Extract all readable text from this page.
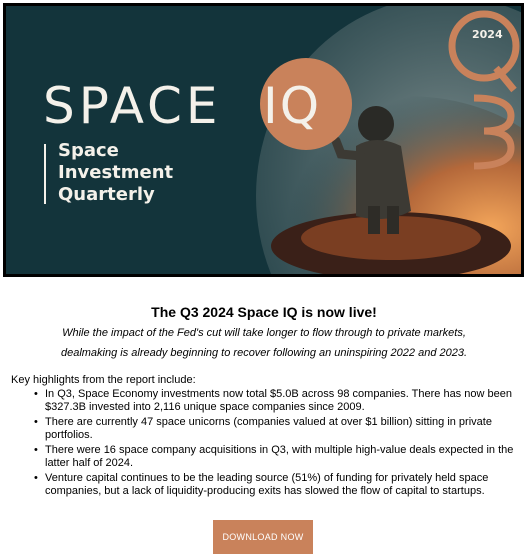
SPACE IQ
Space
Investment
Quarterly
2024
The Q3 2024 Space IQ is now live!
While the impact of the Fed's cut will take longer to flow through to private markets,
dealmaking is already beginning to recover following an uninspiring 2022 and 2023.
Key highlights from the report include:
• In Q3, Space Economy investments now total $5.0B across 98 companies. There has now been $327.3B invested into 2,116 unique space companies since 2009.
• There are currently 47 space unicorns (companies valued at over $1 billion) sitting in private portfolios.
• There were 16 space company acquisitions in Q3, with multiple high-value deals expected in the latter half of 2024.
• Venture capital continues to be the leading source (51%) of funding for privately held space companies, but a lack of liquidity-producing exits has slowed the flow of capital to startups.
DOWNLOAD NOW
